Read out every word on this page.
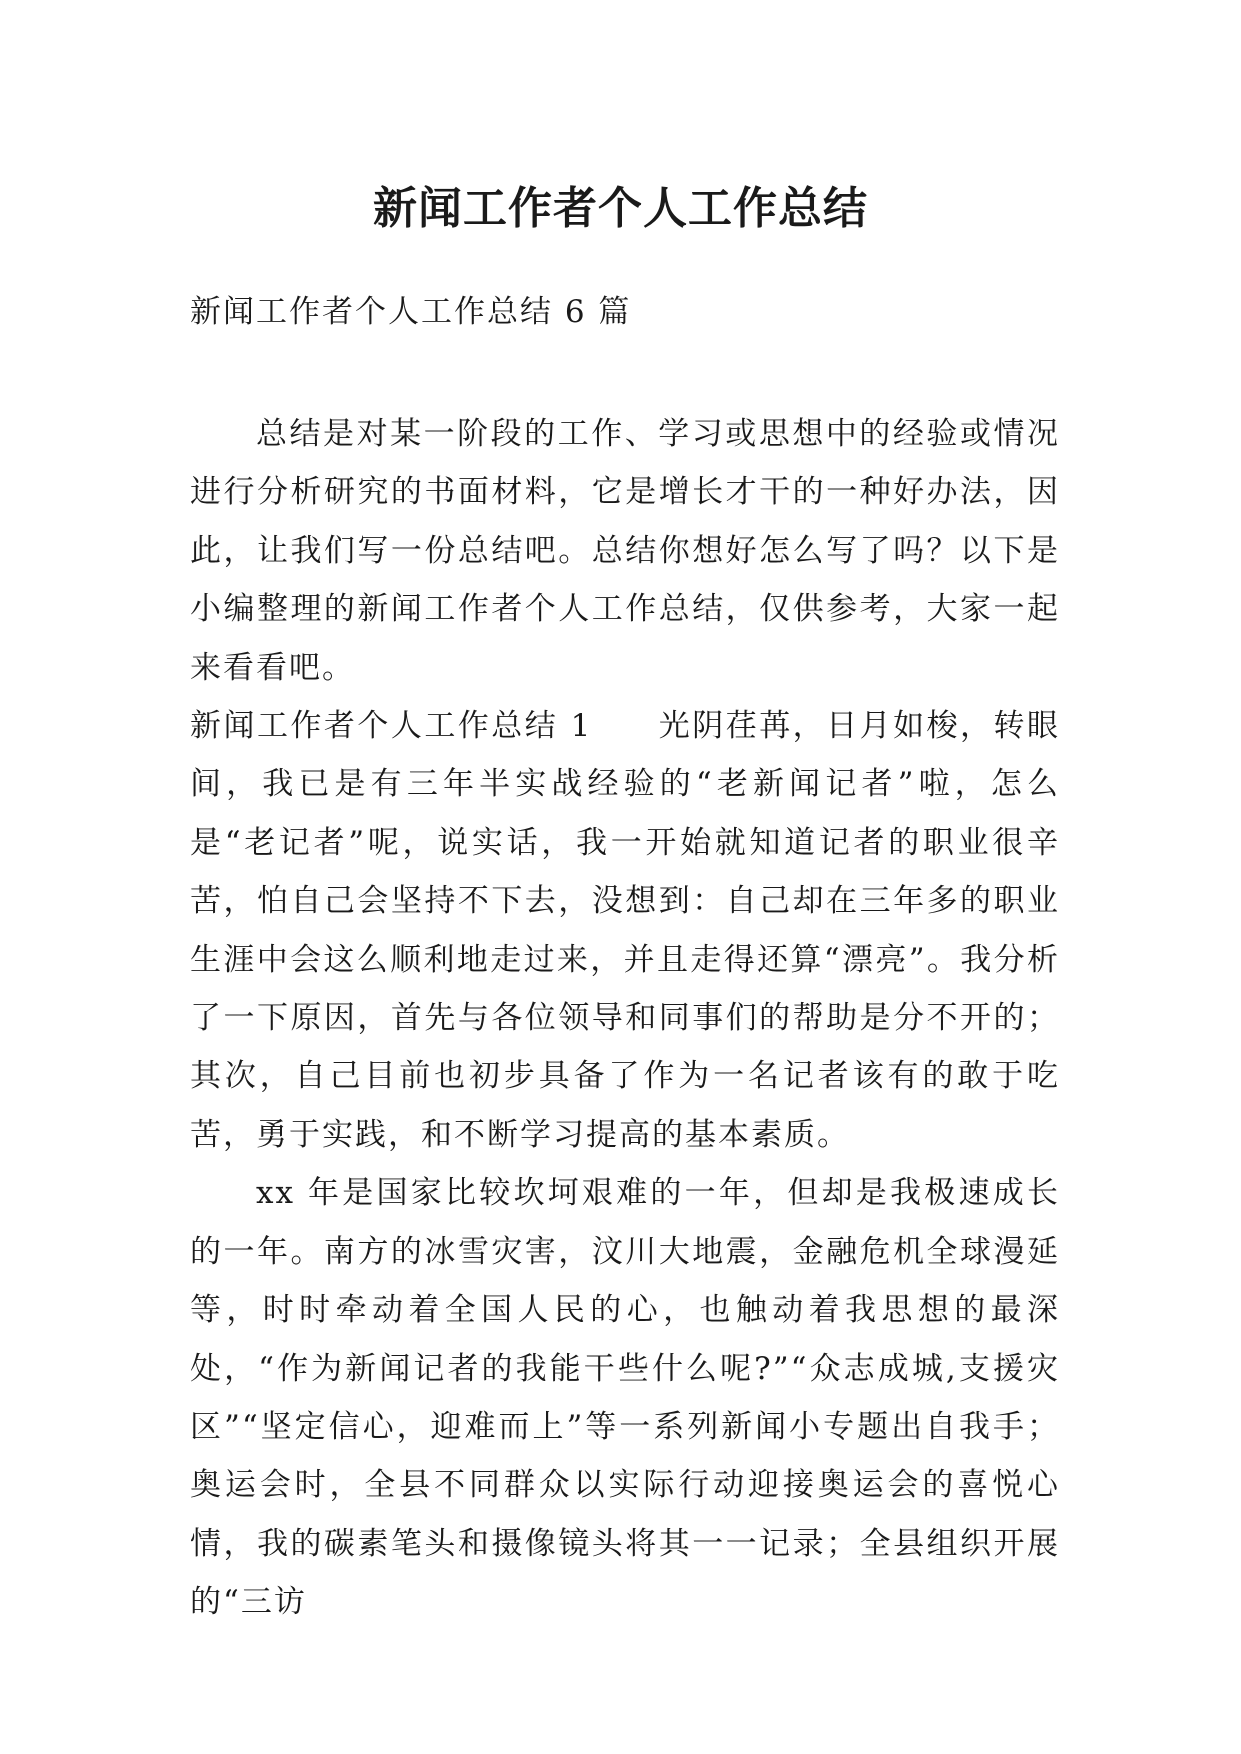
新闻工作者个人工作总结
新闻工作者个人工作总结 6 篇

总结是对某一阶段的工作、学习或思想中的经验或情况进行分析研究的书面材料，它是增长才干的一种好办法，因此，让我们写一份总结吧。总结你想好怎么写了吗？以下是小编整理的新闻工作者个人工作总结，仅供参考，大家一起来看看吧。

新闻工作者个人工作总结 1 光阴荏苒，日月如梭，转眼间，我已是有三年半实战经验的“老新闻记者”啦，怎么是“老记者”呢，说实话，我一开始就知道记者的职业很辛苦，怕自己会坚持不下去，没想到：自己却在三年多的职业生涯中会这么顺利地走过来，并且走得还算“漂亮”。我分析了一下原因，首先与各位领导和同事们的帮助是分不开的；其次，自己目前也初步具备了作为一名记者该有的敢于吃苦，勇于实践，和不断学习提高的基本素质。

xx 年是国家比较坎坷艰难的一年，但却是我极速成长的一年。南方的冰雪灾害，汶川大地震，金融危机全球漫延等，时时牵动着全国人民的心，也触动着我思想的最深处，“作为新闻记者的我能干些什么呢?”“众志成城,支援灾区”“坚定信心，迎难而上”等一系列新闻小专题出自我手；奥运会时，全县不同群众以实际行动迎接奥运会的喜悦心情，我的碳素笔头和摄像镜头将其一一记录；全县组织开展的“三访
